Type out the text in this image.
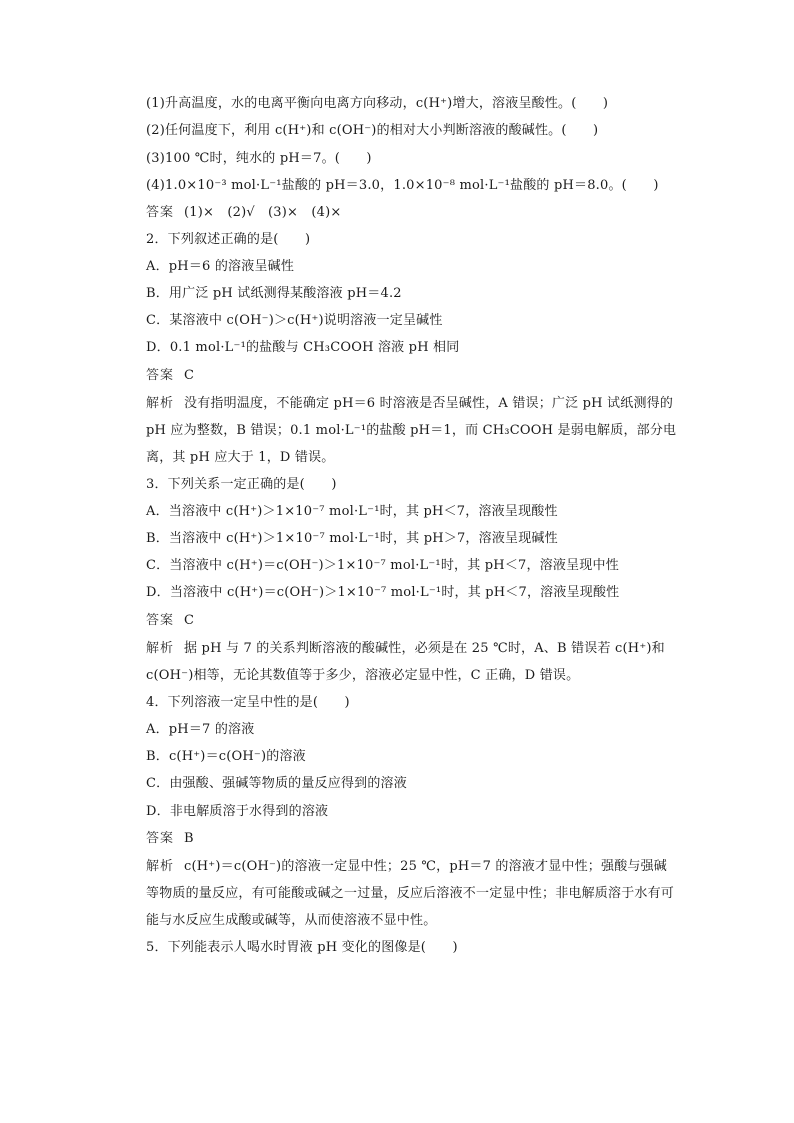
(1)升高温度，水的电离平衡向电离方向移动，c(H⁺)增大，溶液呈酸性。(　　)
(2)任何温度下，利用 c(H⁺)和 c(OH⁻)的相对大小判断溶液的酸碱性。(　　)
(3)100 ℃时，纯水的 pH＝7。(　　)
(4)1.0×10⁻³ mol·L⁻¹盐酸的 pH＝3.0，1.0×10⁻⁸ mol·L⁻¹盐酸的 pH＝8.0。(　　)
答案 (1)×　(2)√　(3)×　(4)×
2．下列叙述正确的是(　　)
A．pH＝6 的溶液呈碱性
B．用广泛 pH 试纸测得某酸溶液 pH＝4.2
C．某溶液中 c(OH⁻)＞c(H⁺)说明溶液一定呈碱性
D．0.1 mol·L⁻¹的盐酸与 CH₃COOH 溶液 pH 相同
答案 C
解析 没有指明温度，不能确定 pH＝6 时溶液是否呈碱性，A 错误；广泛 pH 试纸测得的 pH 应为整数，B 错误；0.1 mol·L⁻¹的盐酸 pH＝1，而 CH₃COOH 是弱电解质，部分电离，其 pH 应大于 1，D 错误。
3．下列关系一定正确的是(　　)
A．当溶液中 c(H⁺)＞1×10⁻⁷ mol·L⁻¹时，其 pH＜7，溶液呈现酸性
B．当溶液中 c(H⁺)＞1×10⁻⁷ mol·L⁻¹时，其 pH＞7，溶液呈现碱性
C．当溶液中 c(H⁺)＝c(OH⁻)＞1×10⁻⁷ mol·L⁻¹时，其 pH＜7，溶液呈现中性
D．当溶液中 c(H⁺)＝c(OH⁻)＞1×10⁻⁷ mol·L⁻¹时，其 pH＜7，溶液呈现酸性
答案 C
解析 据 pH 与 7 的关系判断溶液的酸碱性，必须是在 25 ℃时，A、B 错误若 c(H⁺)和 c(OH⁻)相等，无论其数值等于多少，溶液必定显中性，C 正确，D 错误。
4．下列溶液一定呈中性的是(　　)
A．pH＝7 的溶液
B．c(H⁺)＝c(OH⁻)的溶液
C．由强酸、强碱等物质的量反应得到的溶液
D．非电解质溶于水得到的溶液
答案 B
解析 c(H⁺)＝c(OH⁻)的溶液一定显中性；25 ℃，pH＝7 的溶液才显中性；强酸与强碱等物质的量反应，有可能酸或碱之一过量，反应后溶液不一定显中性；非电解质溶于水有可能与水反应生成酸或碱等，从而使溶液不显中性。
5．下列能表示人喝水时胃液 pH 变化的图像是(　　)
